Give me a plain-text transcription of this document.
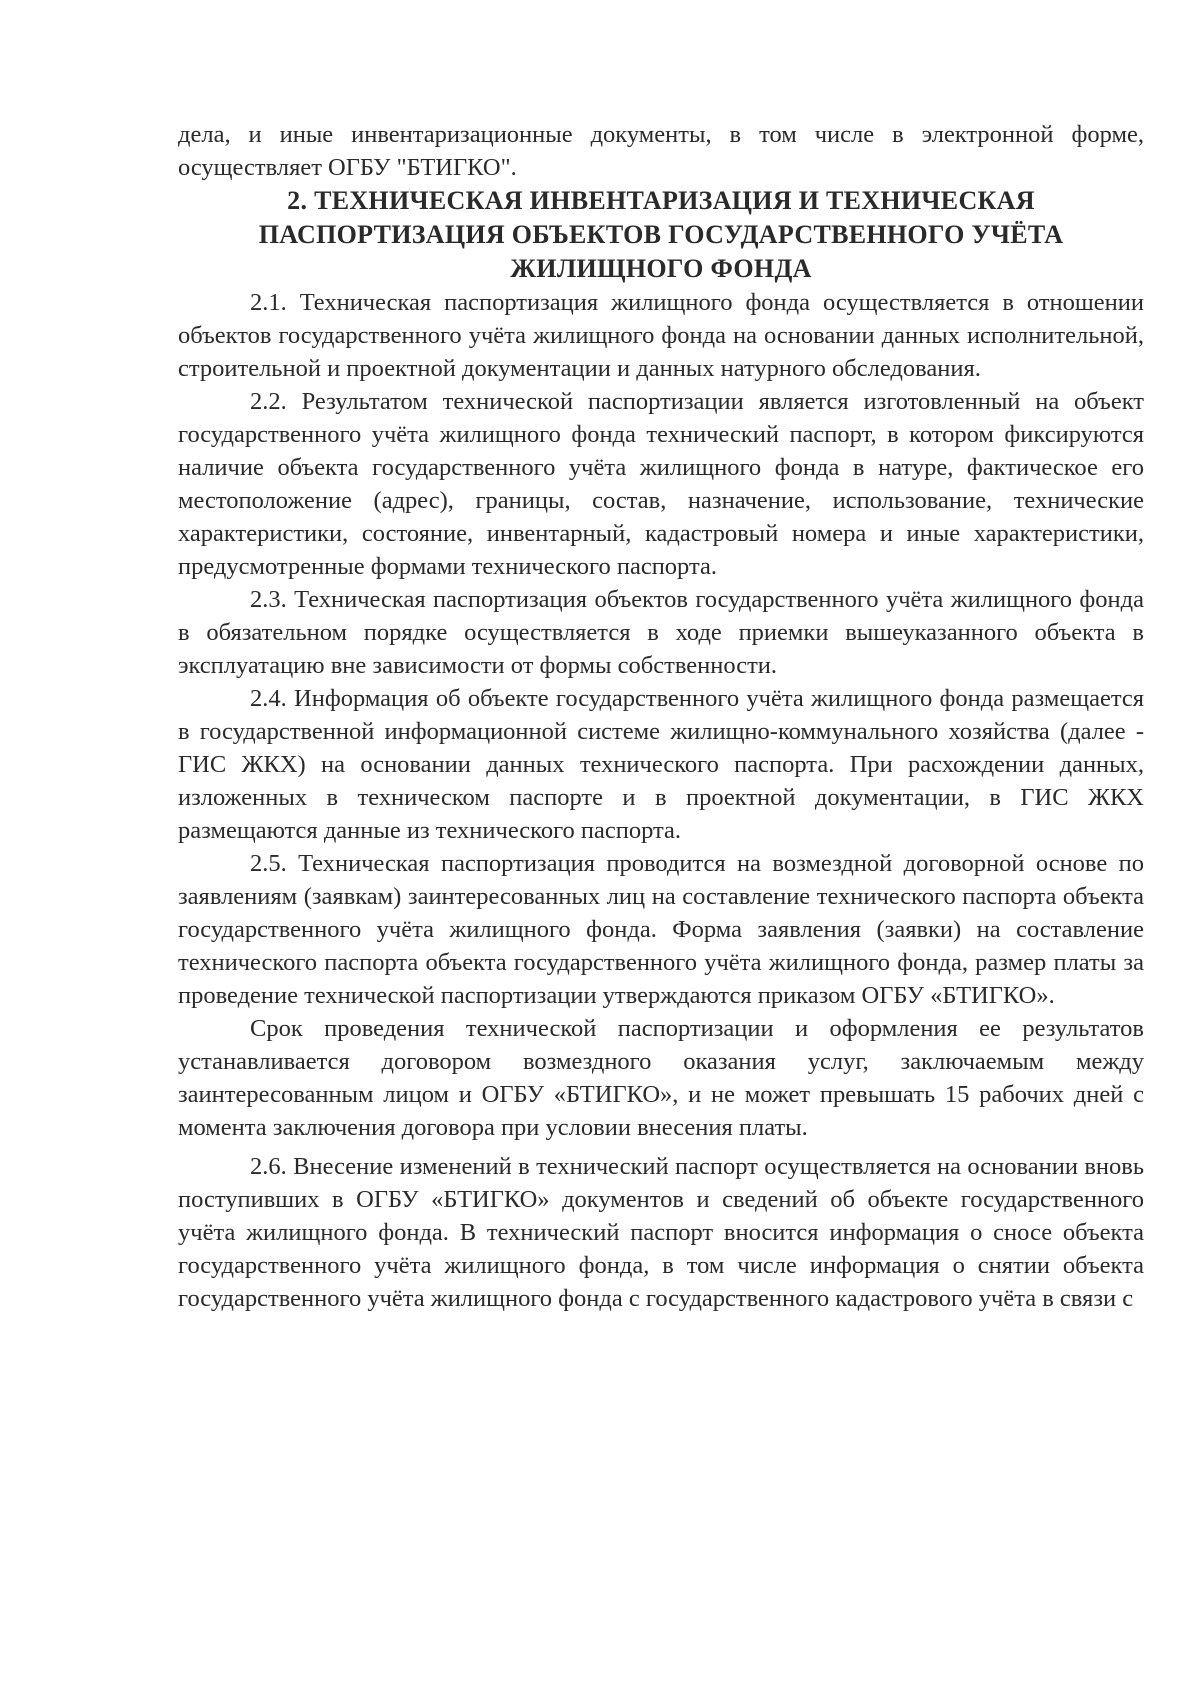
дела, и иные инвентаризационные документы, в том числе в электронной форме, осуществляет ОГБУ "БТИГКО".

2. ТЕХНИЧЕСКАЯ ИНВЕНТАРИЗАЦИЯ И ТЕХНИЧЕСКАЯ
ПАСПОРТИЗАЦИЯ ОБЪЕКТОВ ГОСУДАРСТВЕННОГО УЧЁТА
ЖИЛИЩНОГО ФОНДА

2.1. Техническая паспортизация жилищного фонда осуществляется в отношении объектов государственного учёта жилищного фонда на основании данных исполнительной, строительной и проектной документации и данных натурного обследования.

2.2. Результатом технической паспортизации является изготовленный на объект государственного учёта жилищного фонда технический паспорт, в котором фиксируются наличие объекта государственного учёта жилищного фонда в натуре, фактическое его местоположение (адрес), границы, состав, назначение, использование, технические характеристики, состояние, инвентарный, кадастровый номера и иные характеристики, предусмотренные формами технического паспорта.

2.3. Техническая паспортизация объектов государственного учёта жилищного фонда в обязательном порядке осуществляется в ходе приемки вышеуказанного объекта в эксплуатацию вне зависимости от формы собственности.

2.4. Информация об объекте государственного учёта жилищного фонда размещается в государственной информационной системе жилищно-коммунального хозяйства (далее - ГИС ЖКХ) на основании данных технического паспорта. При расхождении данных, изложенных в техническом паспорте и в проектной документации, в ГИС ЖКХ размещаются данные из технического паспорта.

2.5. Техническая паспортизация проводится на возмездной договорной основе по заявлениям (заявкам) заинтересованных лиц на составление технического паспорта объекта государственного учёта жилищного фонда. Форма заявления (заявки) на составление технического паспорта объекта государственного учёта жилищного фонда, размер платы за проведение технической паспортизации утверждаются приказом ОГБУ «БТИГКО».

Срок проведения технической паспортизации и оформления ее результатов устанавливается договором возмездного оказания услуг, заключаемым между заинтересованным лицом и ОГБУ «БТИГКО», и не может превышать 15 рабочих дней с момента заключения договора при условии внесения платы.

2.6. Внесение изменений в технический паспорт осуществляется на основании вновь поступивших в ОГБУ «БТИГКО» документов и сведений об объекте государственного учёта жилищного фонда. В технический паспорт вносится информация о сносе объекта государственного учёта жилищного фонда, в том числе информация о снятии объекта государственного учёта жилищного фонда с государственного кадастрового учёта в связи с
